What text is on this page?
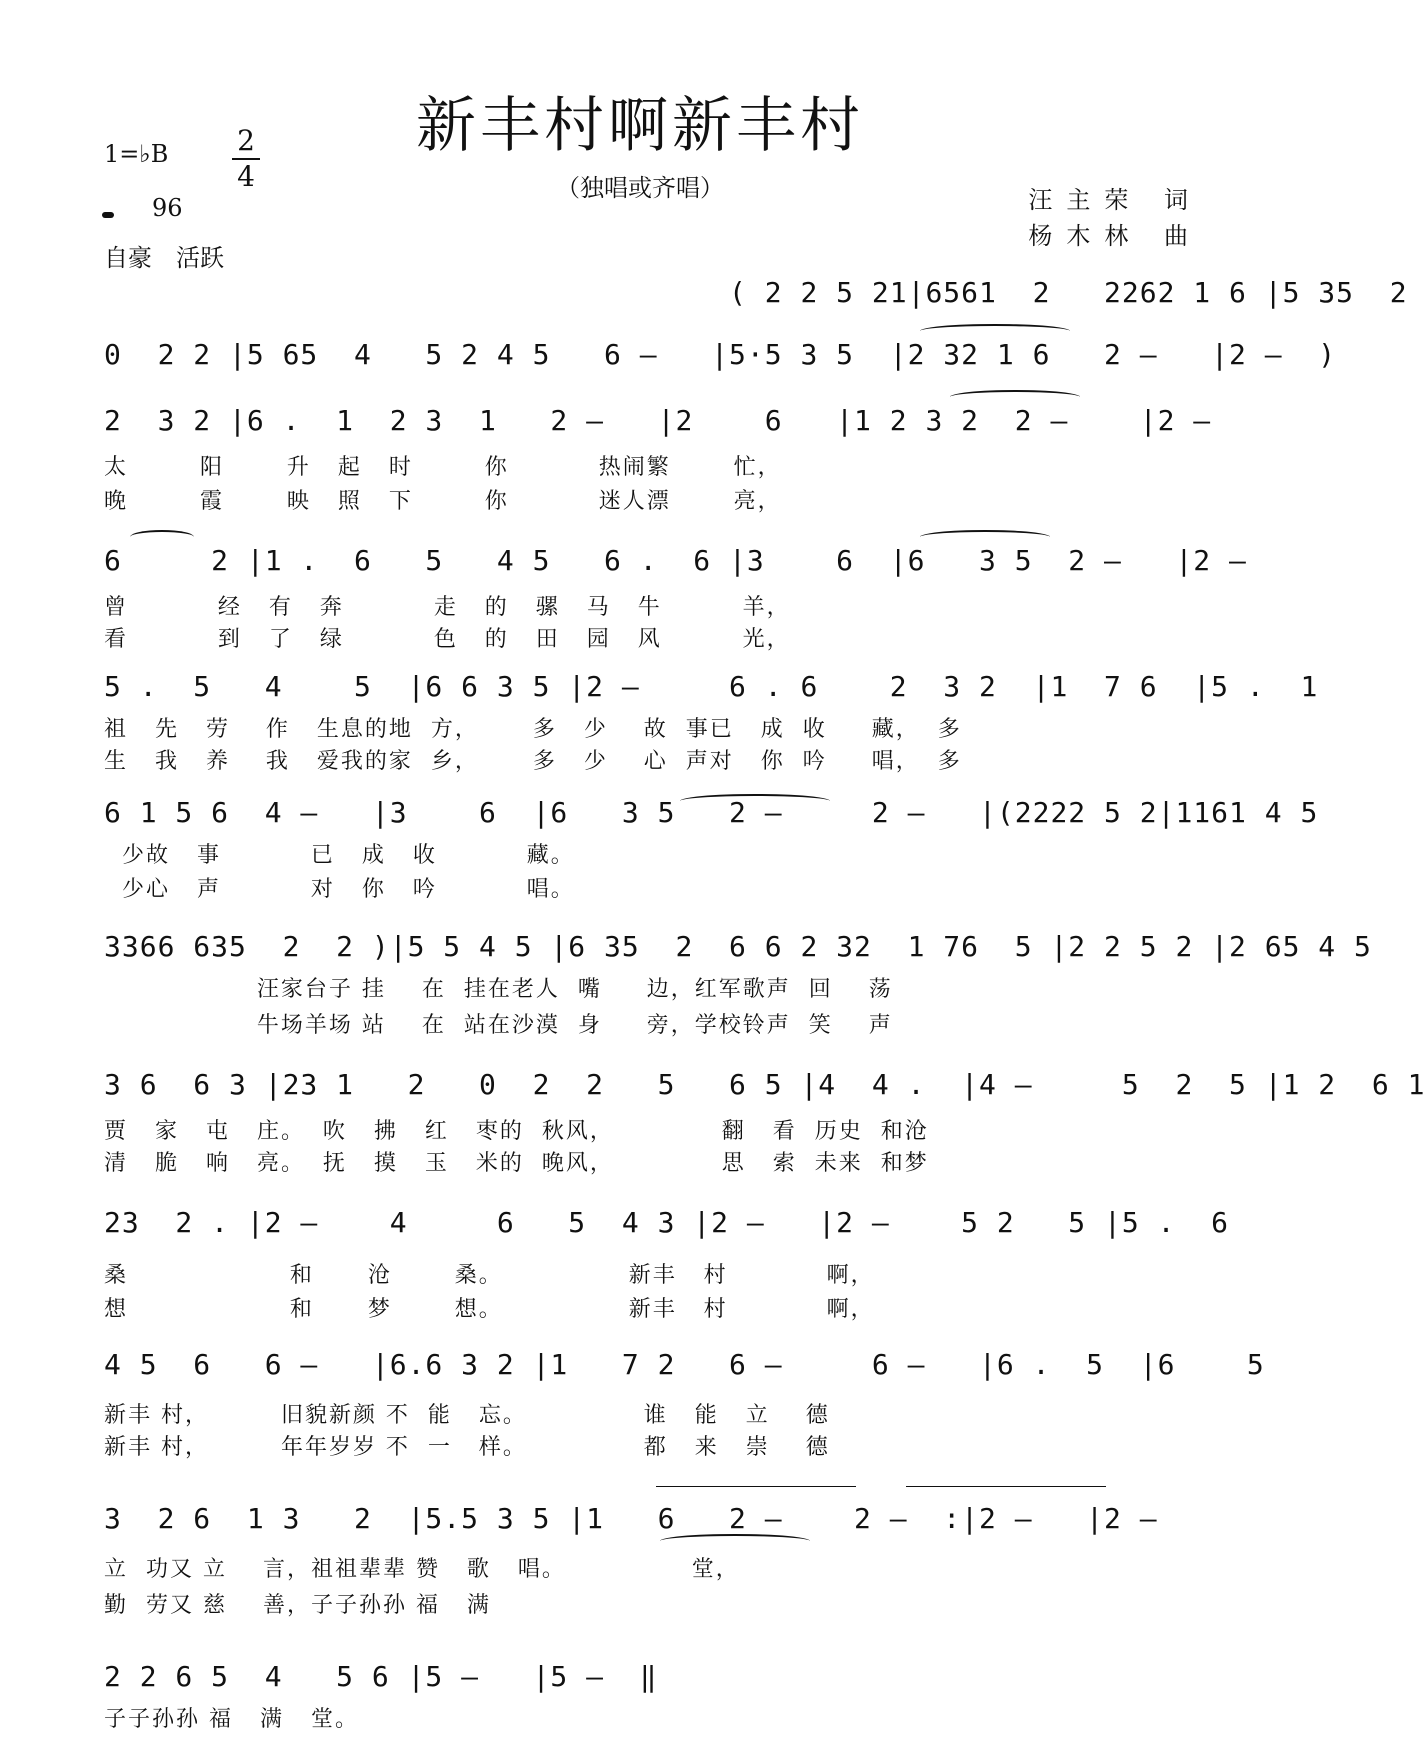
新丰村啊新丰村
（独唱或齐唱）
1=♭B 2
4
96
自豪　活跃
汪主荣 词
杨木林 曲
( 2 2 5 21|6561  2   2262 1 6 |5 35  2
0  2 2 |5 65  4   5 2 4 5   6 —   |5·5 3 5  |2 32 1 6   2 —   |2 —  )
2  3 2 |6 .  1  2 3  1   2 —   |2    6   |1 2 3 2  2 —    |2 —
太        阳       升   起   时        你          热闹繁       忙，
晚        霞       映   照   下        你          迷人漂       亮，
6     2 |1 .  6   5   4 5   6 .  6 |3    6  |6   3 5  2 —   |2 —
曾          经   有   奔          走   的   骡   马   牛         羊，
看          到   了   绿          色   的   田   园   风         光，
5 .  5   4    5  |6 6 3 5 |2 —     6 . 6    2  3 2  |1  7 6  |5 .  1
祖   先   劳    作   生息的地  方，      多   少    故  事已   成  收     藏，  多
生   我   养    我   爱我的家  乡，      多   少    心  声对   你  吟     唱，  多
6 1 5 6  4 —   |3    6  |6   3 5   2 —     2 —   |(2222 5 2|1161 4 5
少故   事          已   成   收          藏。
少心   声          对   你   吟          唱。
3366 635  2  2 )|5 5 4 5 |6 35  2  6 6 2 32  1 76  5 |2 2 5 2 |2 65 4 5
汪家台子 挂    在  挂在老人  嘴     边，红军歌声  回    荡
牛场羊场 站    在  站在沙漠  身     旁，学校铃声  笑    声
3 6  6 3 |23 1   2   0  2  2   5   6 5 |4  4 .  |4 —     5  2  5 |1 2  6 1
贾   家   屯   庄。  吹   拂   红   枣的  秋风，            翻   看  历史  和沧
清   脆   响   亮。  抚   摸   玉   米的  晚风，            思   索  未来  和梦
23  2 . |2 —    4     6   5  4 3 |2 —   |2 —    5 2   5 |5 .  6
桑                  和      沧       桑。              新丰   村           啊，
想                  和      梦       想。              新丰   村           啊，
4 5  6   6 —   |6.6 3 2 |1   7 2   6 —     6 —   |6 .  5  |6    5
新丰 村，        旧貌新颜 不  能   忘。             谁   能   立    德
新丰 村，        年年岁岁 不  一   样。             都   来   崇    德
3  2 6  1 3   2  |5.5 3 5 |1   6   2 —    2 —  :|2 —   |2 —
立  功又 立    言，祖祖辈辈 赞   歌   唱。              堂，
勤  劳又 慈    善，子子孙孙 福   满
2 2 6 5  4   5 6 |5 —   |5 —  ‖
子子孙孙 福   满   堂。
